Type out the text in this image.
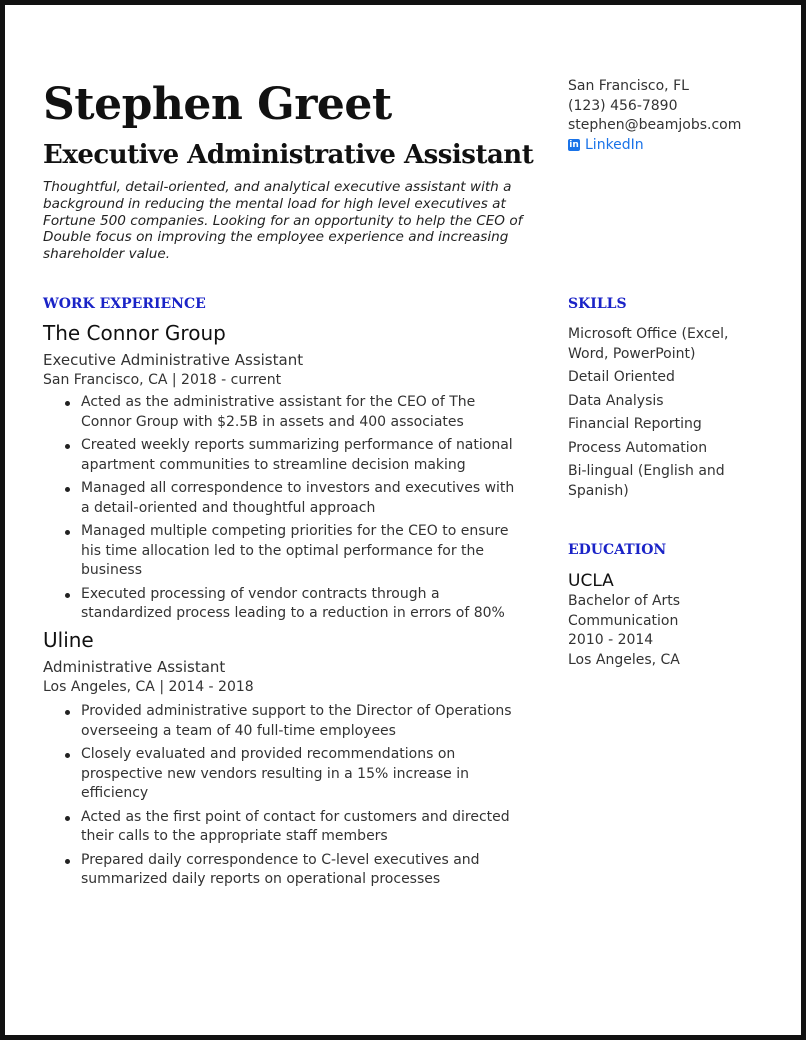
Stephen Greet
Executive Administrative Assistant
Thoughtful, detail-oriented, and analytical executive assistant with a background in reducing the mental load for high level executives at Fortune 500 companies. Looking for an opportunity to help the CEO of Double focus on improving the employee experience and increasing shareholder value.
San Francisco, FL
(123) 456-7890
stephen@beamjobs.com
in LinkedIn
WORK EXPERIENCE
The Connor Group
Executive Administrative Assistant
San Francisco, CA | 2018 - current
Acted as the administrative assistant for the CEO of The Connor Group with $2.5B in assets and 400 associates
Created weekly reports summarizing performance of national apartment communities to streamline decision making
Managed all correspondence to investors and executives with a detail-oriented and thoughtful approach
Managed multiple competing priorities for the CEO to ensure his time allocation led to the optimal performance for the business
Executed processing of vendor contracts through a standardized process leading to a reduction in errors of 80%
Uline
Administrative Assistant
Los Angeles, CA | 2014 - 2018
Provided administrative support to the Director of Operations overseeing a team of 40 full-time employees
Closely evaluated and provided recommendations on prospective new vendors resulting in a 15% increase in efficiency
Acted as the first point of contact for customers and directed their calls to the appropriate staff members
Prepared daily correspondence to C-level executives and summarized daily reports on operational processes
SKILLS
Microsoft Office (Excel, Word, PowerPoint)
Detail Oriented
Data Analysis
Financial Reporting
Process Automation
Bi-lingual (English and Spanish)
EDUCATION
UCLA
Bachelor of Arts
Communication
2010 - 2014
Los Angeles, CA
